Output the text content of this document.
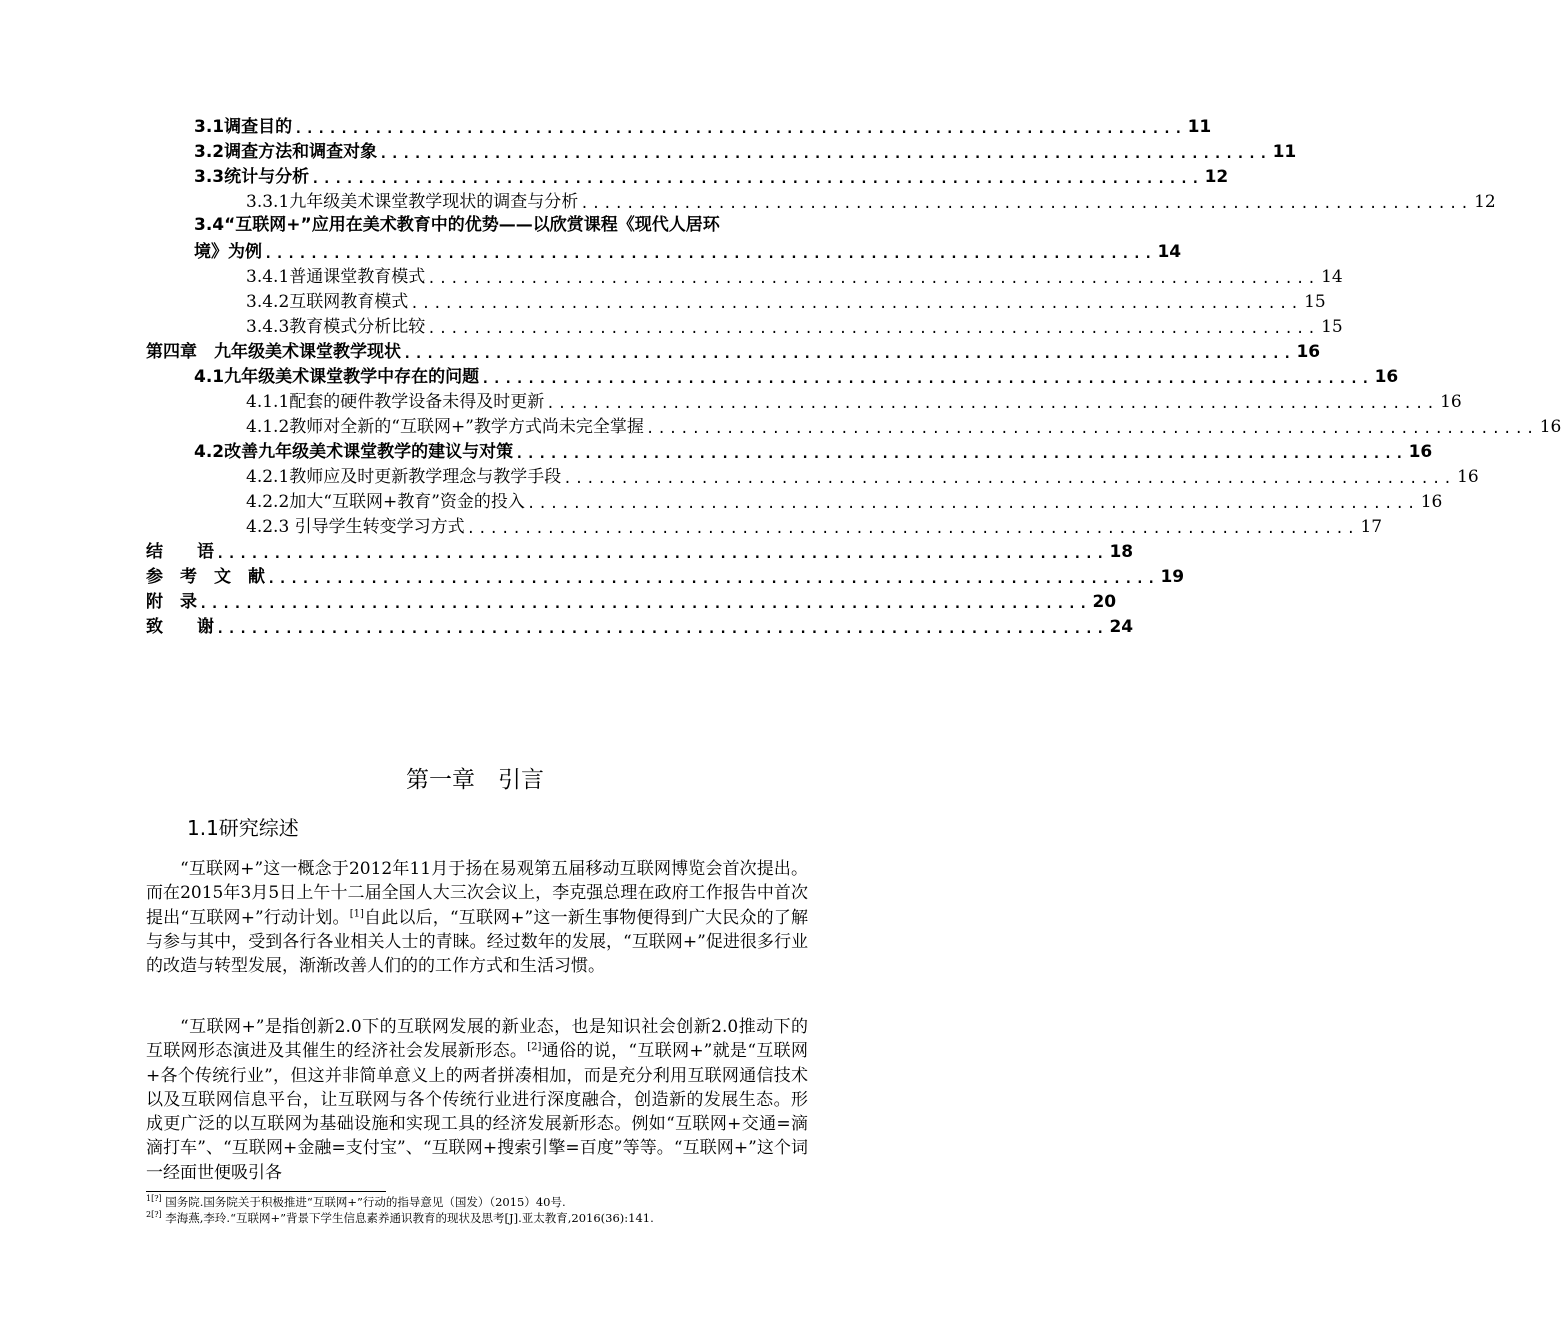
3.1调查目的 .............................................................................. 11
3.2调查方法和调查对象 .............................................................................. 11
3.3统计与分析 .............................................................................. 12
3.3.1九年级美术课堂教学现状的调查与分析 .............................................................................. 12
3.4“互联网+”应用在美术教育中的优势——以欣赏课程《现代人居环
境》为例 .............................................................................. 14
3.4.1普通课堂教育模式 .............................................................................. 14
3.4.2互联网教育模式 .............................................................................. 15
3.4.3教育模式分析比较 .............................................................................. 15
第四章　九年级美术课堂教学现状 .............................................................................. 16
4.1九年级美术课堂教学中存在的问题 .............................................................................. 16
4.1.1配套的硬件教学设备未得及时更新 .............................................................................. 16
4.1.2教师对全新的“互联网+”教学方式尚未完全掌握 .............................................................................. 16
4.2改善九年级美术课堂教学的建议与对策 .............................................................................. 16
4.2.1教师应及时更新教学理念与教学手段 .............................................................................. 16
4.2.2加大“互联网+教育”资金的投入 .............................................................................. 16
4.2.3 引导学生转变学习方式 .............................................................................. 17
结　　语 .............................................................................. 18
参　考　文　献 .............................................................................. 19
附　录 .............................................................................. 20
致　　谢 .............................................................................. 24
第一章　引言
1.1研究综述

“互联网+”这一概念于2012年11月于扬在易观第五届移动互联网博览会首次提出。而在2015年3月5日上午十二届全国人大三次会议上，李克强总理在政府工作报告中首次提出“互联网+”行动计划。[1]自此以后，“互联网+”这一新生事物便得到广大民众的了解与参与其中，受到各行各业相关人士的青睐。经过数年的发展，“互联网+”促进很多行业的改造与转型发展，渐渐改善人们的的工作方式和生活习惯。

“互联网+”是指创新2.0下的互联网发展的新业态，也是知识社会创新2.0推动下的互联网形态演进及其催生的经济社会发展新形态。[2]通俗的说，“互联网+”就是“互联网+各个传统行业”，但这并非简单意义上的两者拼凑相加，而是充分利用互联网通信技术以及互联网信息平台，让互联网与各个传统行业进行深度融合，创造新的发展生态。形成更广泛的以互联网为基础设施和实现工具的经济发展新形态。例如“互联网+交通=滴滴打车”、“互联网+金融=支付宝”、“互联网+搜索引擎=百度”等等。“互联网+”这个词一经面世便吸引各

$^{1[?]}$ 国务院.国务院关于积极推进“互联网+”行动的指导意见（国发）（2015）40号.
$^{2[?]}$ 李海燕,李玲.“互联网+”背景下学生信息素养通识教育的现状及思考[J].亚太教育,2016(36):141.
